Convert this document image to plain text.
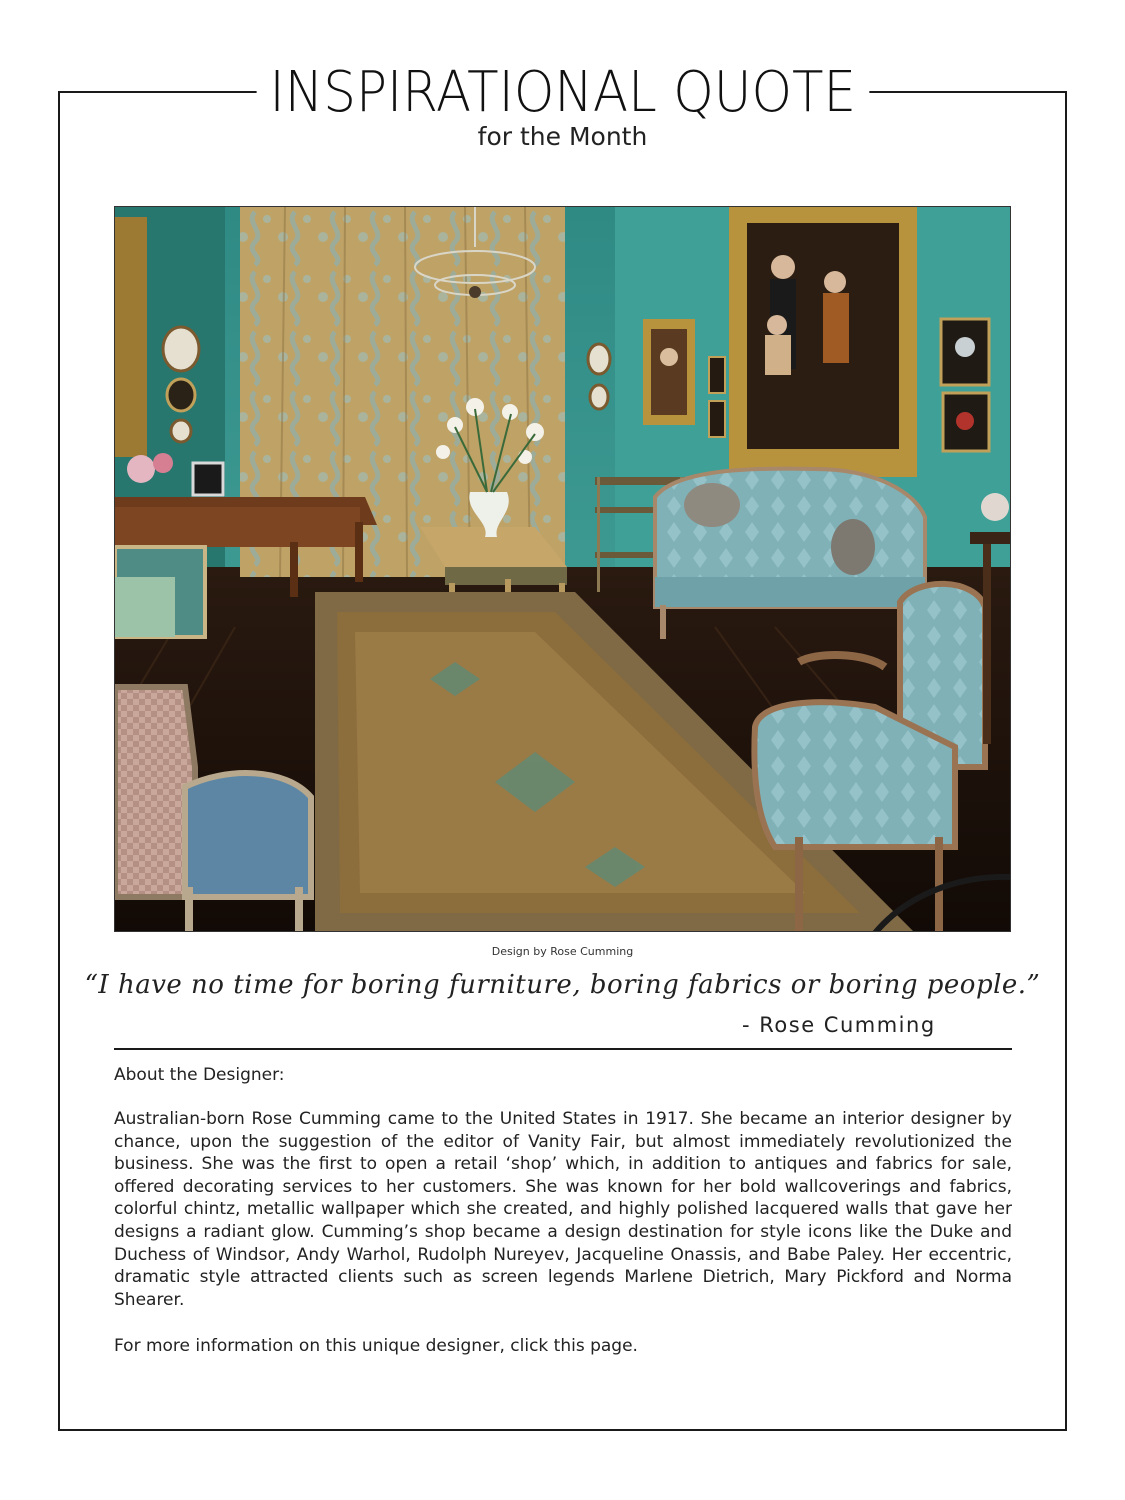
INSPIRATIONAL QUOTE
for the Month
Design by Rose Cumming
“I have no time for boring furniture, boring fabrics or boring people.”
- Rose Cumming
About the Designer:
Australian-born Rose Cumming came to the United States in 1917. She became an interior designer by chance, upon the suggestion of the editor of Vanity Fair, but almost immediately revolutionized the business. She was the first to open a retail ‘shop’ which, in addition to antiques and fabrics for sale, offered decorating services to her customers. She was known for her bold wallcoverings and fabrics, colorful chintz, metallic wallpaper which she created, and highly polished lacquered walls that gave her designs a radiant glow. Cumming’s shop became a design destination for style icons like the Duke and Duchess of Windsor, Andy Warhol, Rudolph Nureyev, Jacqueline Onassis, and Babe Paley. Her eccentric, dramatic style attracted clients such as screen legends Marlene Dietrich, Mary Pickford and Norma Shearer.
For more information on this unique designer, click this page.
